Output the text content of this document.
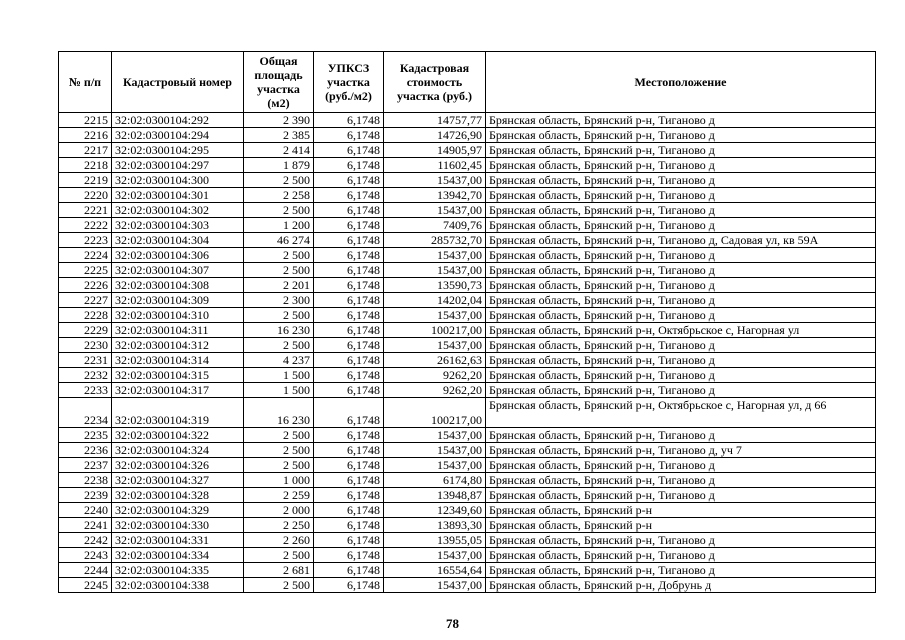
№ п/п	Кадастровый номер	Общая площадь участка (м2)	УПКСЗ участка (руб./м2)	Кадастровая стоимость участка (руб.)	Местоположение
2215	32:02:0300104:292	2 390	6,1748	14757,77	Брянская область, Брянский р-н, Тиганово д
2216	32:02:0300104:294	2 385	6,1748	14726,90	Брянская область, Брянский р-н, Тиганово д
2217	32:02:0300104:295	2 414	6,1748	14905,97	Брянская область, Брянский р-н, Тиганово д
2218	32:02:0300104:297	1 879	6,1748	11602,45	Брянская область, Брянский р-н, Тиганово д
2219	32:02:0300104:300	2 500	6,1748	15437,00	Брянская область, Брянский р-н, Тиганово д
2220	32:02:0300104:301	2 258	6,1748	13942,70	Брянская область, Брянский р-н, Тиганово д
2221	32:02:0300104:302	2 500	6,1748	15437,00	Брянская область, Брянский р-н, Тиганово д
2222	32:02:0300104:303	1 200	6,1748	7409,76	Брянская область, Брянский р-н, Тиганово д
2223	32:02:0300104:304	46 274	6,1748	285732,70	Брянская область, Брянский р-н, Тиганово д, Садовая ул, кв 59А
2224	32:02:0300104:306	2 500	6,1748	15437,00	Брянская область, Брянский р-н, Тиганово д
2225	32:02:0300104:307	2 500	6,1748	15437,00	Брянская область, Брянский р-н, Тиганово д
2226	32:02:0300104:308	2 201	6,1748	13590,73	Брянская область, Брянский р-н, Тиганово д
2227	32:02:0300104:309	2 300	6,1748	14202,04	Брянская область, Брянский р-н, Тиганово д
2228	32:02:0300104:310	2 500	6,1748	15437,00	Брянская область, Брянский р-н, Тиганово д
2229	32:02:0300104:311	16 230	6,1748	100217,00	Брянская область, Брянский р-н, Октябрьское с, Нагорная ул
2230	32:02:0300104:312	2 500	6,1748	15437,00	Брянская область, Брянский р-н, Тиганово д
2231	32:02:0300104:314	4 237	6,1748	26162,63	Брянская область, Брянский р-н, Тиганово д
2232	32:02:0300104:315	1 500	6,1748	9262,20	Брянская область, Брянский р-н, Тиганово д
2233	32:02:0300104:317	1 500	6,1748	9262,20	Брянская область, Брянский р-н, Тиганово д
2234	32:02:0300104:319	16 230	6,1748	100217,00	Брянская область, Брянский р-н, Октябрьское с, Нагорная ул, д 66
2235	32:02:0300104:322	2 500	6,1748	15437,00	Брянская область, Брянский р-н, Тиганово д
2236	32:02:0300104:324	2 500	6,1748	15437,00	Брянская область, Брянский р-н, Тиганово д, уч 7
2237	32:02:0300104:326	2 500	6,1748	15437,00	Брянская область, Брянский р-н, Тиганово д
2238	32:02:0300104:327	1 000	6,1748	6174,80	Брянская область, Брянский р-н, Тиганово д
2239	32:02:0300104:328	2 259	6,1748	13948,87	Брянская область, Брянский р-н, Тиганово д
2240	32:02:0300104:329	2 000	6,1748	12349,60	Брянская область, Брянский р-н
2241	32:02:0300104:330	2 250	6,1748	13893,30	Брянская область, Брянский р-н
2242	32:02:0300104:331	2 260	6,1748	13955,05	Брянская область, Брянский р-н, Тиганово д
2243	32:02:0300104:334	2 500	6,1748	15437,00	Брянская область, Брянский р-н, Тиганово д
2244	32:02:0300104:335	2 681	6,1748	16554,64	Брянская область, Брянский р-н, Тиганово д
2245	32:02:0300104:338	2 500	6,1748	15437,00	Брянская область, Брянский р-н, Добрунь д
78
